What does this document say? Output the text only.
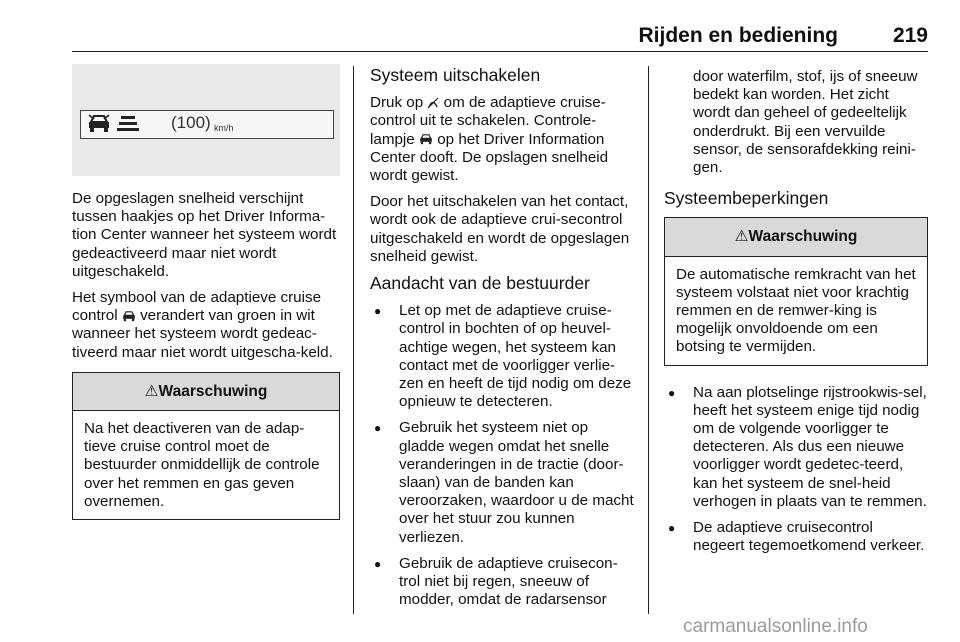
Rijden en bediening	219
(100) km/h

De opgeslagen snelheid verschijnt tussen haakjes op het Driver Informa-tion Center wanneer het systeem wordt gedeactiveerd maar niet wordt uitgeschakeld.

Het symbool van de adaptieve cruise control verandert van groen in wit wanneer het systeem wordt gedeac-tiveerd maar niet wordt uitgescha-keld.

⚠Waarschuwing
Na het deactiveren van de adap-tieve cruise control moet de bestuurder onmiddellijk de controle over het remmen en gas geven overnemen.
Systeem uitschakelen

Druk op om de adaptieve cruise-control uit te schakelen. Controle-lampje op het Driver Information Center dooft. De opslagen snelheid wordt gewist.

Door het uitschakelen van het contact, wordt ook de adaptieve crui-secontrol uitgeschakeld en wordt de opgeslagen snelheid gewist.

Aandacht van de bestuurder
● Let op met de adaptieve cruise-control in bochten of op heuvel-achtige wegen, het systeem kan contact met de voorligger verlie-zen en heeft de tijd nodig om deze opnieuw te detecteren.
● Gebruik het systeem niet op gladde wegen omdat het snelle veranderingen in de tractie (door-slaan) van de banden kan veroorzaken, waardoor u de macht over het stuur zou kunnen verliezen.
● Gebruik de adaptieve cruisecon-trol niet bij regen, sneeuw of modder, omdat de radarsensor

door waterfilm, stof, ijs of sneeuw bedekt kan worden. Het zicht wordt dan geheel of gedeeltelijk onderdrukt. Bij een vervuilde sensor, de sensorafdekking reini-gen.

Systeembeperkingen
⚠Waarschuwing
De automatische remkracht van het systeem volstaat niet voor krachtig remmen en de remwer-king is mogelijk onvoldoende om een botsing te vermijden.
● Na aan plotselinge rijstrookwis-sel, heeft het systeem enige tijd nodig om de volgende voorligger te detecteren. Als dus een nieuwe voorligger wordt gedetec-teerd, kan het systeem de snel-heid verhogen in plaats van te remmen.
● De adaptieve cruisecontrol negeert tegemoetkomend verkeer.
carmanualsonline.info
